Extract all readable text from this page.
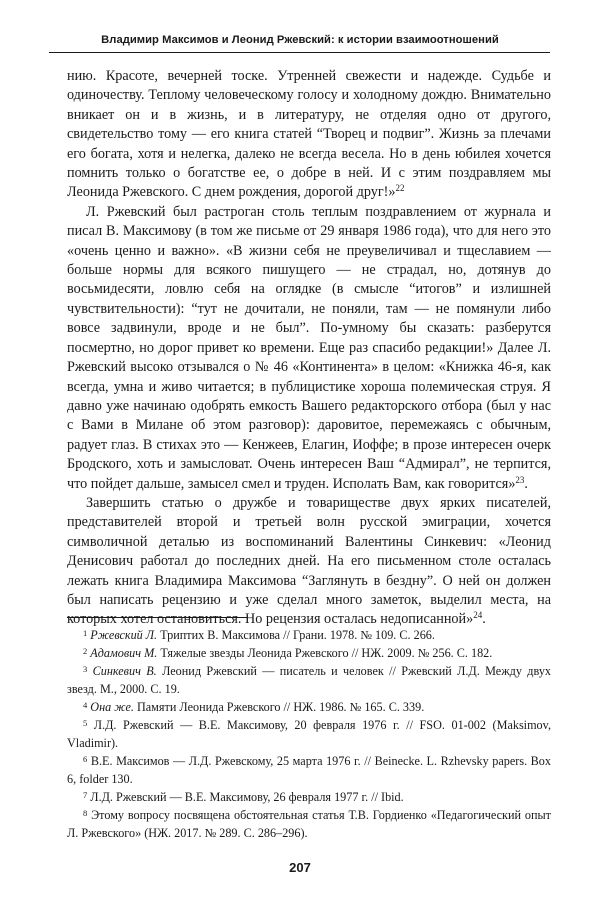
Владимир Максимов и Леонид Ржевский: к истории взаимоотношений

нию. Красоте, вечерней тоске. Утренней свежести и надежде. Судьбе и одиночеству. Теплому человеческому голосу и холодному дождю. Внимательно вникает он и в жизнь, и в литературу, не отделяя одно от другого, свидетельство тому — его книга статей “Творец и подвиг”. Жизнь за плечами его богата, хотя и нелегка, далеко не всегда весела. Но в день юбилея хочется помнить только о богатстве ее, о добре в ней. И с этим поздравляем мы Леонида Ржевского. С днем рождения, дорогой друг!»$^{22}$

Л. Ржевский был растроган столь теплым поздравлением от журнала и писал В. Максимову (в том же письме от 29 января 1986 года), что для него это «очень ценно и важно». «В жизни себя не преувеличивал и тщеславием — больше нормы для всякого пишущего — не страдал, но, дотянув до восьмидесяти, ловлю себя на оглядке (в смысле “итогов” и излишней чувствительности): “тут не дочитали, не поняли, там — не помянули либо вовсе задвинули, вроде и не был”. По-умному бы сказать: разберутся посмертно, но дорог привет ко времени. Еще раз спасибо редакции!» Далее Л. Ржевский высоко отзывался о № 46 «Континента» в целом: «Книжка 46-я, как всегда, умна и живо читается; в публицистике хороша полемическая струя. Я давно уже начинаю одобрять емкость Вашего редакторского отбора (был у нас с Вами в Милане об этом разговор): даровитое, перемежаясь с обычным, радует глаз. В стихах это — Кенжеев, Елагин, Иоффе; в прозе интересен очерк Бродского, хоть и замысловат. Очень интересен Ваш “Адмирал”, не терпится, что пойдет дальше, замысел смел и труден. Исполать Вам, как говорится»$^{23}$.

Завершить статью о дружбе и товариществе двух ярких писателей, представителей второй и третьей волн русской эмиграции, хочется символичной деталью из воспоминаний Валентины Синкевич: «Леонид Денисович работал до последних дней. На его письменном столе осталась лежать книга Владимира Максимова “Заглянуть в бездну”. О ней он должен был написать рецензию и уже сделал много заметок, выделил места, на которых хотел остановиться. Но рецензия осталась недописанной»$^{24}$.

$^1$ Ржевский Л. Триптих В. Максимова // Грани. 1978. № 109. С. 266.

$^2$ Адамович М. Тяжелые звезды Леонида Ржевского // НЖ. 2009. № 256. С. 182.

$^3$ Синкевич В. Леонид Ржевский — писатель и человек // Ржевский Л.Д. Между двух звезд. М., 2000. С. 19.

$^4$ Она же. Памяти Леонида Ржевского // НЖ. 1986. № 165. С. 339.

$^5$ Л.Д. Ржевский — В.Е. Максимову, 20 февраля 1976 г. // FSO. 01-002 (Maksimov, Vladimir).

$^6$ В.Е. Максимов — Л.Д. Ржевскому, 25 марта 1976 г. // Beinecke. L. Rzhevsky papers. Box 6, folder 130.

$^7$ Л.Д. Ржевский — В.Е. Максимову, 26 февраля 1977 г. // Ibid.

$^8$ Этому вопросу посвящена обстоятельная статья Т.В. Гордиенко «Педагогический опыт Л. Ржевского» (НЖ. 2017. № 289. С. 286–296).

207
